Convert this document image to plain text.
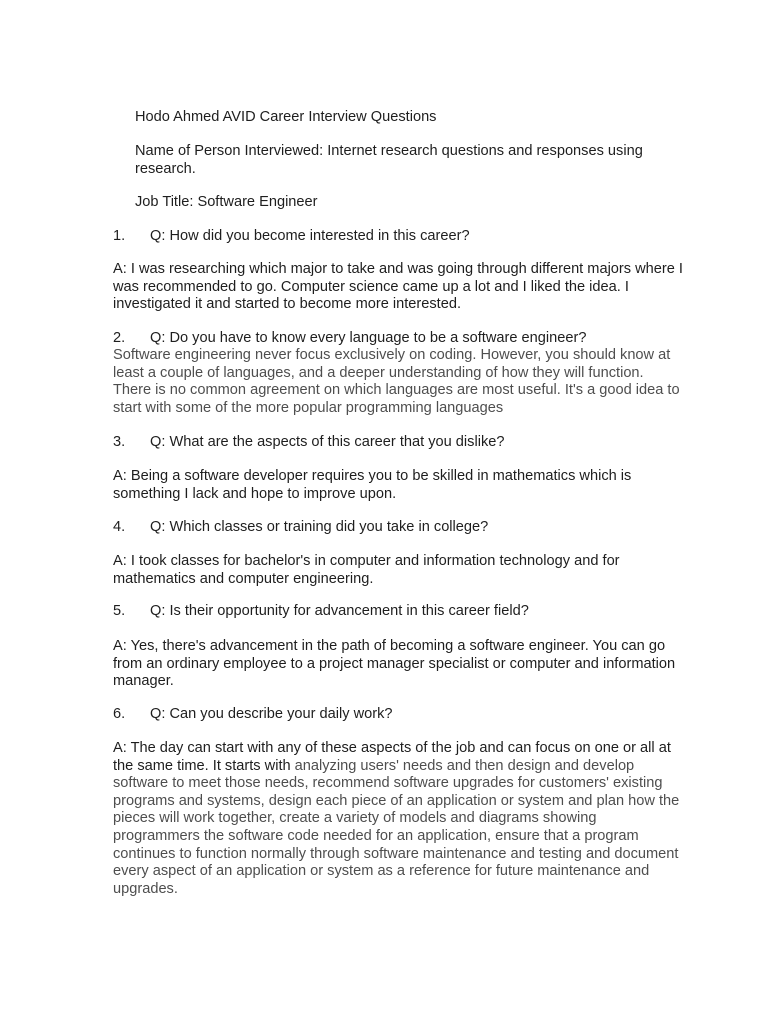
Hodo Ahmed AVID Career Interview Questions

Name of Person Interviewed: Internet research questions and responses using research.

Job Title: Software Engineer

1. Q: How did you become interested in this career?

A: I was researching which major to take and was going through different majors where I was recommended to go. Computer science came up a lot and I liked the idea. I investigated it and started to become more interested.

2. Q: Do you have to know every language to be a software engineer?

Software engineering never focus exclusively on coding. However, you should know at least a couple of languages, and a deeper understanding of how they will function. There is no common agreement on which languages are most useful. It's a good idea to start with some of the more popular programming languages

3. Q: What are the aspects of this career that you dislike?

A: Being a software developer requires you to be skilled in mathematics which is something I lack and hope to improve upon.

4. Q: Which classes or training did you take in college?

A: I took classes for bachelor's in computer and information technology and for mathematics and computer engineering.

5. Q: Is their opportunity for advancement in this career field?

A: Yes, there's advancement in the path of becoming a software engineer. You can go from an ordinary employee to a project manager specialist or computer and information manager.

6. Q: Can you describe your daily work?

A: The day can start with any of these aspects of the job and can focus on one or all at the same time. It starts with analyzing users' needs and then design and develop software to meet those needs, recommend software upgrades for customers' existing programs and systems, design each piece of an application or system and plan how the pieces will work together, create a variety of models and diagrams showing programmers the software code needed for an application, ensure that a program continues to function normally through software maintenance and testing and document every aspect of an application or system as a reference for future maintenance and upgrades.
